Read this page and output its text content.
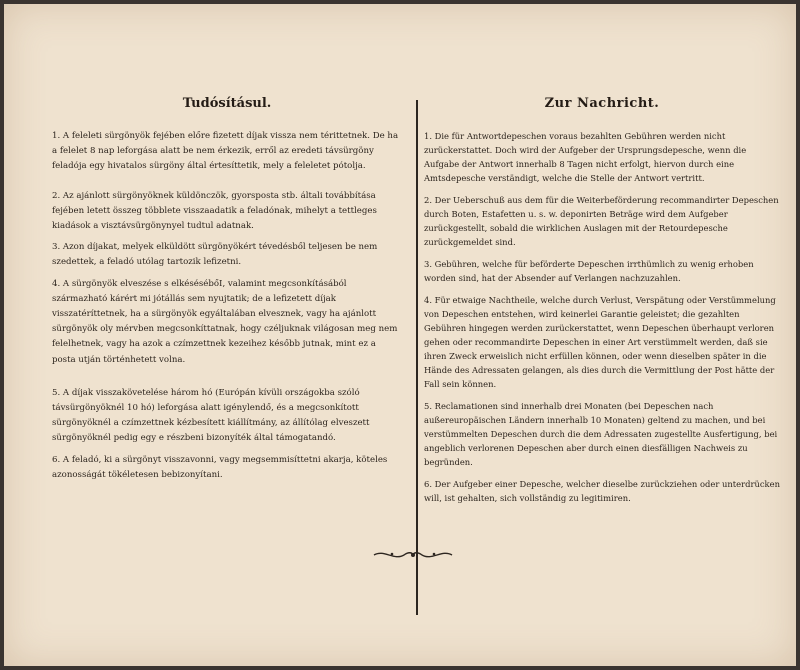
Tudósításul.
1. A feleleti sürgönyök fejében előre fizetett díjak vissza nem térittetnek. De ha a felelet 8 nap leforgása alatt be nem érkezik, erről az eredeti távsürgöny feladója egy hivatalos sürgöny által értesíttetik, mely a feleletet pótolja.
2. Az ajánlott sürgönyöknek küldönczök, gyorsposta stb. általi továbbítása fejében letett összeg többlete visszaadatik a feladónak, mihelyt a tettleges kiadások a visztávsürgönynyel tudtul adatnak.
3. Azon díjakat, melyek elküldött sürgönyökért tévedésből teljesen be nem szedettek, a feladó utólag tartozik lefizetni.
4. A sürgönyök elveszése s elkésésébőI, valamint megcsonkításából származható kárért mi jótállás sem nyujtatik; de a lefizetett díjak visszatéríttetnek, ha a sürgönyök egyáltalában elvesznek, vagy ha ajánlott sürgönyök oly mérvben megcsonkíttatnak, hogy czéljuknak világosan meg nem felelhetnek, vagy ha azok a czímzettnek kezeihez később jutnak, mint ez a posta utján történhetett volna.
5. A díjak visszakövetelése három hó (Európán kívüli országokba szóló távsürgönyöknél 10 hó) leforgása alatt igénylendő, és a megcsonkított sürgönyöknél a czímzettnek kézbesített kiállítmány, az állítólag elveszett sürgönyöknél pedig egy e részbeni bizonyíték által támogatandó.
6. A feladó, ki a sürgönyt visszavonni, vagy megsemmisíttetni akarja, köteles azonosságát tökéletesen bebizonyítani.
Zur Nachricht.
1. Die für Antwortdepeschen voraus bezahlten Gebühren werden nicht zurückerstattet. Doch wird der Aufgeber der Ursprungsdepesche, wenn die Aufgabe der Antwort innerhalb 8 Tagen nicht erfolgt, hiervon durch eine Amtsdepesche verständigt, welche die Stelle der Antwort vertritt.
2. Der Ueberschuß aus dem für die Weiterbeförderung recommandirter Depeschen durch Boten, Estafetten u. s. w. deponirten Beträge wird dem Aufgeber zurückgestellt, sobald die wirklichen Auslagen mit der Retourdepesche zurückgemeldet sind.
3. Gebühren, welche für beförderte Depeschen irrthümlich zu wenig erhoben worden sind, hat der Absender auf Verlangen nachzuzahlen.
4. Für etwaige Nachtheile, welche durch Verlust, Verspätung oder Verstümmelung von Depeschen entstehen, wird keinerlei Garantie geleistet; die gezahlten Gebühren hingegen werden zurückerstattet, wenn Depeschen überhaupt verloren gehen oder recommandirte Depeschen in einer Art verstümmelt werden, daß sie ihren Zweck erweislich nicht erfüllen können, oder wenn dieselben später in die Hände des Adressaten gelangen, als dies durch die Vermittlung der Post hätte der Fall sein können.
5. Reclamationen sind innerhalb drei Monaten (bei Depeschen nach außereuropäischen Ländern innerhalb 10 Monaten) geltend zu machen, und bei verstümmelten Depeschen durch die dem Adressaten zugestellte Ausfertigung, bei angeblich verlorenen Depeschen aber durch einen diesfälligen Nachweis zu begründen.
6. Der Aufgeber einer Depesche, welcher dieselbe zurückziehen oder unterdrücken will, ist gehalten, sich vollständig zu legitimiren.
